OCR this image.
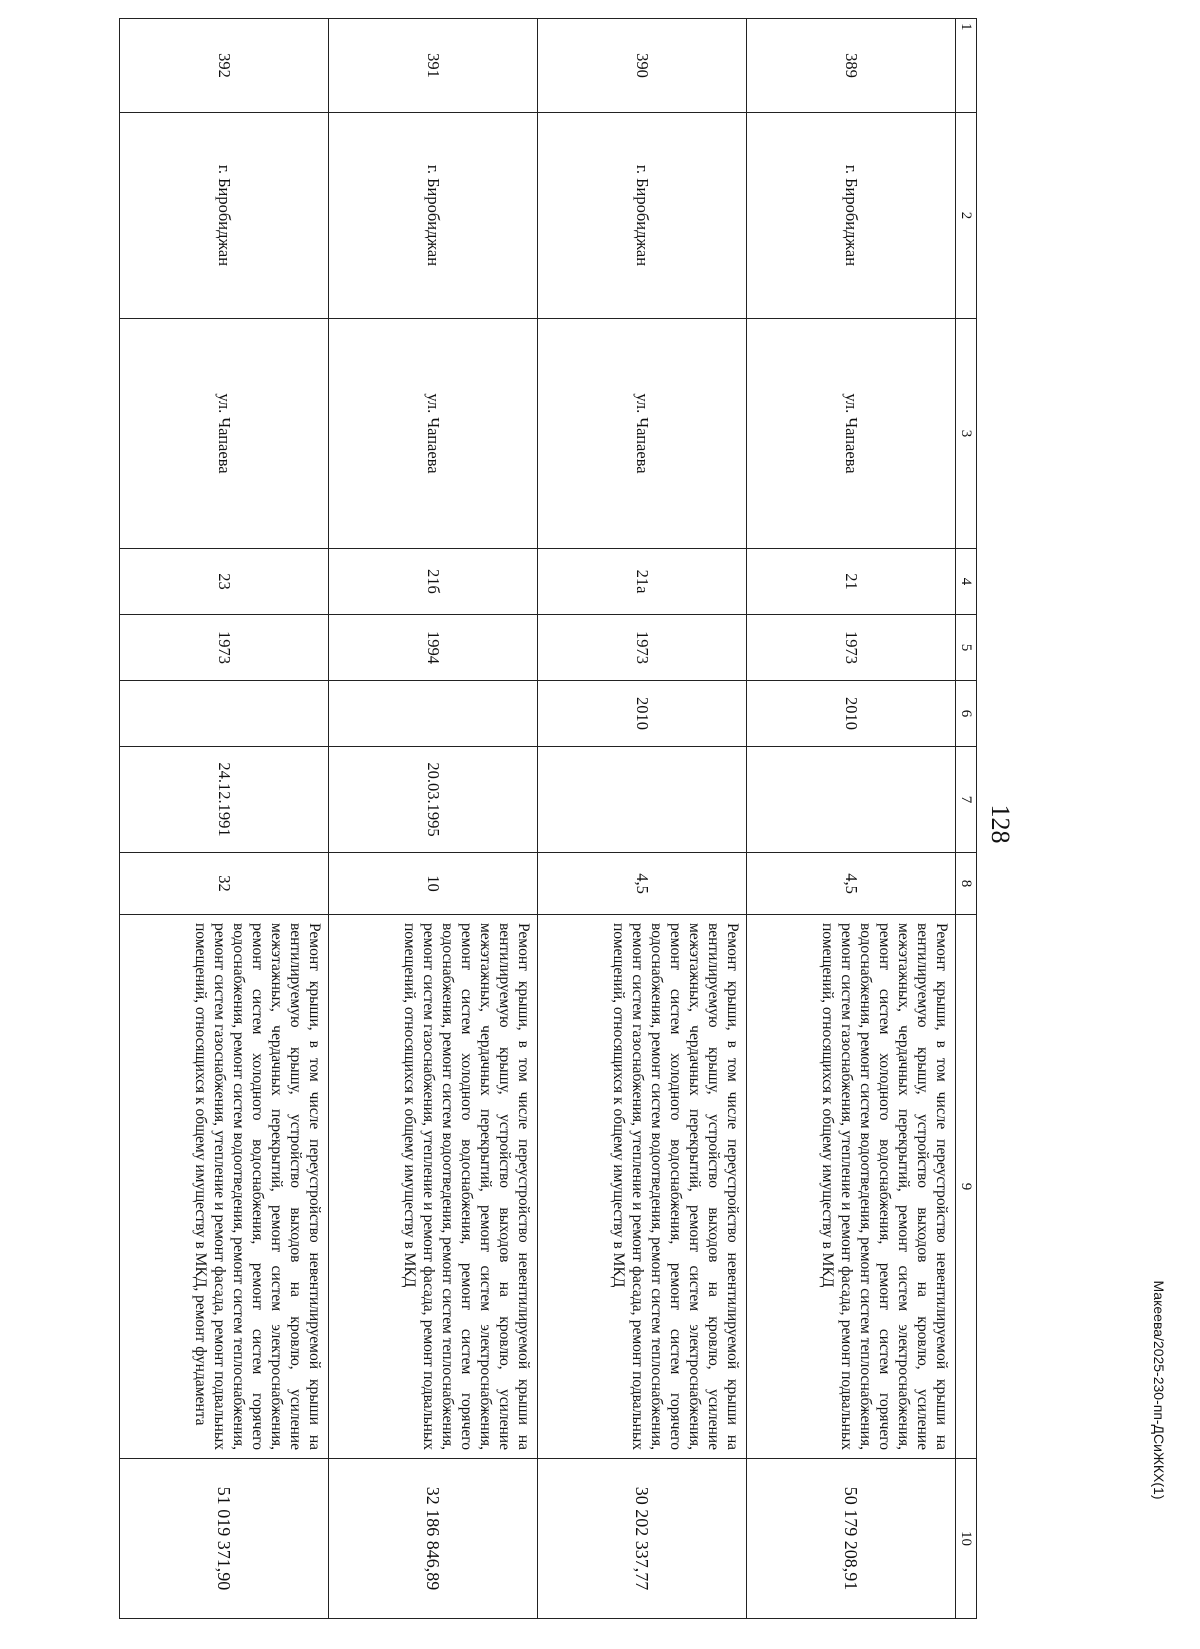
128
1	2	3	4	5	6	7	8	9	10
389	г. Биробиджан	ул. Чапаева	21	1973	2010		4,5	Ремонт крыши, в том числе переустройство невентилируемой крыши на вентилируемую крышу, устройство выходов на кровлю, усиление межэтажных, чердачных перекрытий, ремонт систем электроснабжения, ремонт систем холодного водоснабжения, ремонт систем горячего водоснабжения, ремонт систем водоотведения, ремонт систем теплоснабжения, ремонт систем газоснабжения, утепление и ремонт фасада, ремонт подвальных помещений, относящихся к общему имуществу в МКД	50 179 208,91
390	г. Биробиджан	ул. Чапаева	21а	1973	2010		4,5	Ремонт крыши, в том числе переустройство невентилируемой крыши на вентилируемую крышу, устройство выходов на кровлю, усиление межэтажных, чердачных перекрытий, ремонт систем электроснабжения, ремонт систем холодного водоснабжения, ремонт систем горячего водоснабжения, ремонт систем водоотведения, ремонт систем теплоснабжения, ремонт систем газоснабжения, утепление и ремонт фасада, ремонт подвальных помещений, относящихся к общему имуществу в МКД	30 202 337,77
391	г. Биробиджан	ул. Чапаева	21б	1994		20.03.1995	10	Ремонт крыши, в том числе переустройство невентилируемой крыши на вентилируемую крышу, устройство выходов на кровлю, усиление межэтажных, чердачных перекрытий, ремонт систем электроснабжения, ремонт систем холодного водоснабжения, ремонт систем горячего водоснабжения, ремонт систем водоотведения, ремонт систем теплоснабжения, ремонт систем газоснабжения, утепление и ремонт фасада, ремонт подвальных помещений, относящихся к общему имуществу в МКД	32 186 846,89
392	г. Биробиджан	ул. Чапаева	23	1973		24.12.1991	32	Ремонт крыши, в том числе переустройство невентилируемой крыши на вентилируемую крышу, устройство выходов на кровлю, усиление межэтажных, чердачных перекрытий, ремонт систем электроснабжения, ремонт систем холодного водоснабжения, ремонт систем горячего водоснабжения, ремонт систем водоотведения, ремонт систем теплоснабжения, ремонт систем газоснабжения, утепление и ремонт фасада, ремонт подвальных помещений, относящихся к общему имуществу в МКД, ремонт фундамента	51 019 371,90
Макеева/2025-230-пп-ДСиЖКХ(1)
